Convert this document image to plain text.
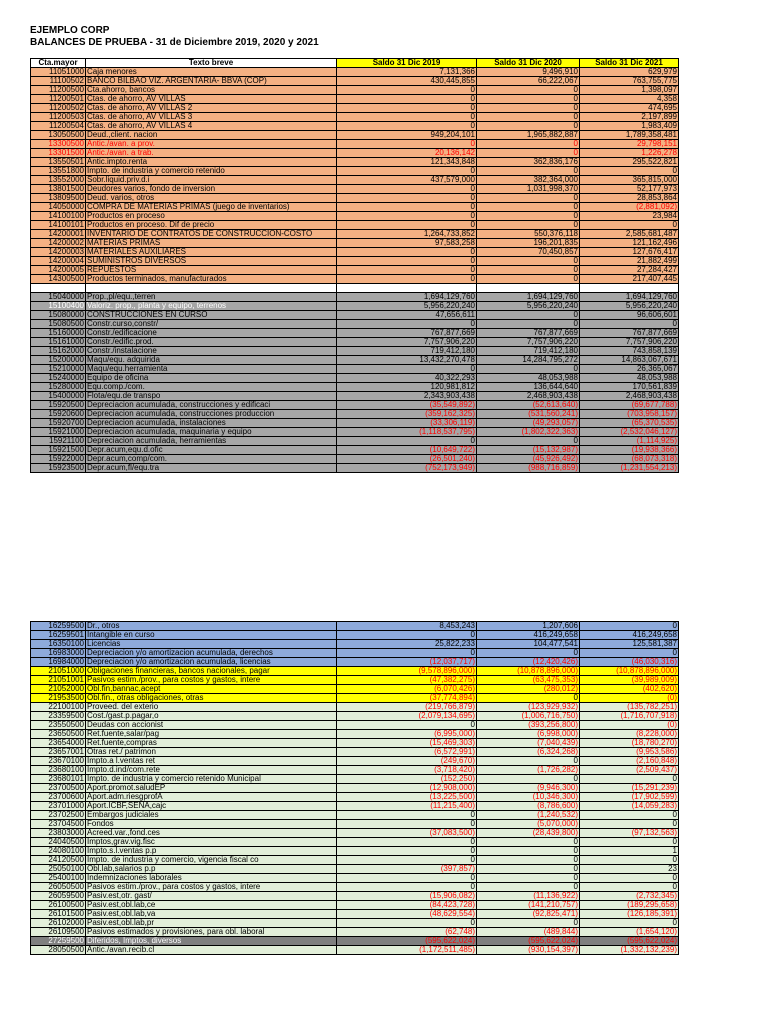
EJEMPLO CORP
BALANCES DE PRUEBA - 31 de Diciembre 2019, 2020 y 2021
Cta.mayor	Texto breve	Saldo 31 Dic 2019	Saldo 31 Dic 2020	Saldo 31 Dic 2021
11051000	Caja menores	7,131,366	9,496,910	629,979
11100502	BANCO BILBAO VIZ. ARGENTARIA- BBVA (COP)	430,445,855	66,222,067	763,755,775
11200500	Cta.ahorro, bancos	0	0	1,398,097
11200501	Ctas. de ahorro, AV VILLAS	0	0	4,358
11200502	Ctas. de ahorro, AV VILLAS 2	0	0	474,695
11200503	Ctas. de ahorro, AV VILLAS 3	0	0	2,197,899
11200504	Ctas. de ahorro, AV VILLAS 4	0	0	1,983,409
13050500	Deud.,client. nacion	949,204,101	1,965,882,887	1,789,358,481
13300500	Antic./avan. a prov.	0	0	29,798,151
13301500	Antic./avan. a trab.	20,136,142	0	1,226,278
13550501	Antic.impto.renta	121,343,848	362,836,176	295,522,821
13551800	Impto. de industria y comercio retenido	0	0	0
13552000	Sobr.liquid.priv.d.i	437,579,000	382,364,000	365,815,000
13801500	Deudores varios, fondo de inversion	0	1,031,998,370	52,177,973
13809500	Deud. varios, otros	0	0	28,853,864
14050000	COMPRA DE MATERIAS PRIMAS (juego de inventarios)	0	0	(2,881,092)
14100100	Productos en proceso	0	0	23,984
14100101	Productos en proceso. Dif de precio	0	0	0
14200001	INVENTARIO DE CONTRATOS DE CONSTRUCCION-COSTO	1,264,733,852	550,376,118	2,585,681,487
14200002	MATERIAS PRIMAS	97,583,258	196,201,835	121,162,496
14200003	MATERIALES AUXILIARES	0	70,450,857	127,676,417
14200004	SUMINISTROS DIVERSOS	0	0	21,882,499
14200005	REPUESTOS	0	0	27,284,427
14300500	Productos terminados, manufacturados	0	0	217,407,445

15040000	Prop.,pl/equ.,terren	1,694,129,760	1,694,129,760	1,694,129,760
15100400	Valoriz. prop., planta y equipo, terrenos	5,956,220,240	5,956,220,240	5,956,220,240
15080000	CONSTRUCCIONES EN CURSO	47,656,611	0	96,606,601
15080500	Constr.curso,constr/	0	0	0
15160000	Constr./edificacione	767,877,669	767,877,669	767,877,669
15161000	Constr./edific.prod.	7,757,906,220	7,757,906,220	7,757,906,220
15162000	Constr./instalacione	719,412,180	719,412,180	743,858,139
15200000	Maqu/equ. adquirida	13,432,270,478	14,284,795,272	14,863,067,671
15210000	Maqu/equ.herramienta	0	0	26,365,067
15240000	Equipo de oficina	40,322,293	48,053,988	48,053,988
15280000	Equ.comp./com.	120,981,812	136,644,640	170,561,839
15400000	Flota/equ.de transpo	2,343,903,438	2,468,903,438	2,468,903,438
15920500	Depreciacion acumulada, construcciones y edificaci	(35,549,892)	(52,613,640)	(69,677,788)
15920600	Depreciacion acumulada, construcciones produccion	(359,162,325)	(531,560,241)	(703,958,157)
15920700	Depreciacion acumulada, instalaciones	(33,306,119)	(49,293,057)	(65,370,535)
15921000	Depreciacion acumulada, maquinaria y equipo	(1,118,537,795)	(1,802,322,363)	(2,532,046,127)
15921100	Depreciacion acumulada, herramientas	0	0	(1,114,925)
15921500	Depr.acum,equ.d.ofic	(10,649,722)	(15,132,987)	(19,938,366)
15922000	Depr.acum,comp/com.	(26,501,240)	(45,926,492)	(68,073,318)
15923500	Depr.acum,fl/equ.tra	(752,173,949)	(988,716,859)	(1,231,554,213)
16259500	Dr., otros	8,453,243	1,207,606	0
16259501	Intangible en curso	0	416,249,658	416,249,658
16350100	Licencias	25,822,233	104,477,541	125,581,387
16983000	Depreciacion y/o amortizacion acumulada, derechos	0	0	0
16984000	Depreciacion y/o amortizacion acumulada, licencias	(12,037,717)	(12,420,426)	(46,030,316)
21051000	Obligaciones financieras, bancos nacionales, pagar	(9,578,896,000)	(10,878,896,000)	(10,878,896,000)
21051001	Pasivos estim./prov., para costos y gastos, intere	(47,382,275)	(63,475,353)	(39,989,009)
21052000	Obl.fin,bannac,acept	(6,070,426)	(280,012)	(402,620)
21953500	Obl.fin., otras obligaciones, otras	(37,774,894)	0	(0)
22100100	Proveed. del exterio	(219,766,879)	(123,929,932)	(135,782,251)
23359500	Cost./gast.p.pagar,o	(2,079,134,695)	(1,006,716,750)	(1,716,707,918)
23550500	Deudas con accionist	0	(393,256,800)	(0)
23650500	Ret.fuente,salar/pag	(6,995,000)	(6,998,000)	(8,228,000)
23654000	Ret.fuente,compras	(15,469,303)	(7,040,439)	(18,780,270)
23657001	Otras ret./ patrimon	(6,572,991)	(6,324,268)	(9,953,586)
23670100	Impto.a l.ventas ret	(249,670)	0	(2,160,848)
23680100	Impto.d.ind/com.rete	(3,718,420)	(1,726,282)	(2,509,437)
23680101	Impto. de industria y comercio retenido Municipal	(152,250)	0	0
23700500	Aport.promot.saludEP	(12,908,000)	(9,946,300)	(15,291,239)
23700600	Aport.adm.riesgprofA	(13,225,500)	(10,346,300)	(17,902,599)
23701000	Aport.ICBF,SENA,cajc	(11,215,400)	(8,786,600)	(14,059,283)
23702500	Embargos judiciales	0	(1,240,532)	0
23704500	Fondos	0	(5,070,000)	0
23803000	Acreed.var.,fond.ces	(37,083,500)	(28,439,800)	(97,132,563)
24040500	Imptos,grav.vig.fisc	0	0	0
24080100	Impto.s.l.ventas p.p	0	0	1
24120500	Impto. de industria y comercio, vigencia fiscal co	0	0	0
25050100	Obl.lab,salarios p.p	(397,857)	0	23
25400100	Indemnizaciones laborales	0	0	0
26050500	Pasivos estim./prov., para costos y gastos, intere	0	0	0
26059500	Pasiv.est,otr. gast/	(15,906,082)	(11,136,922)	(2,732,345)
26100500	Pasiv.est,obl.lab,ce	(84,423,728)	(141,210,757)	(189,295,658)
26101500	Pasiv.est,obl.lab,va	(48,629,554)	(92,825,471)	(126,185,391)
26102000	Pasiv.est,obl.lab,pr	0	0	0
26109500	Pasivos estimados y provisiones, para obl. laboral	(62,748)	(489,844)	(1,654,120)
27259500	Diferidos, Imptos, diversos	(595,622,024)	(595,622,024)	(595,622,024)
28050500	Antic./avan.recib.cl	(1,172,511,485)	(930,154,397)	(1,332,132,239)
